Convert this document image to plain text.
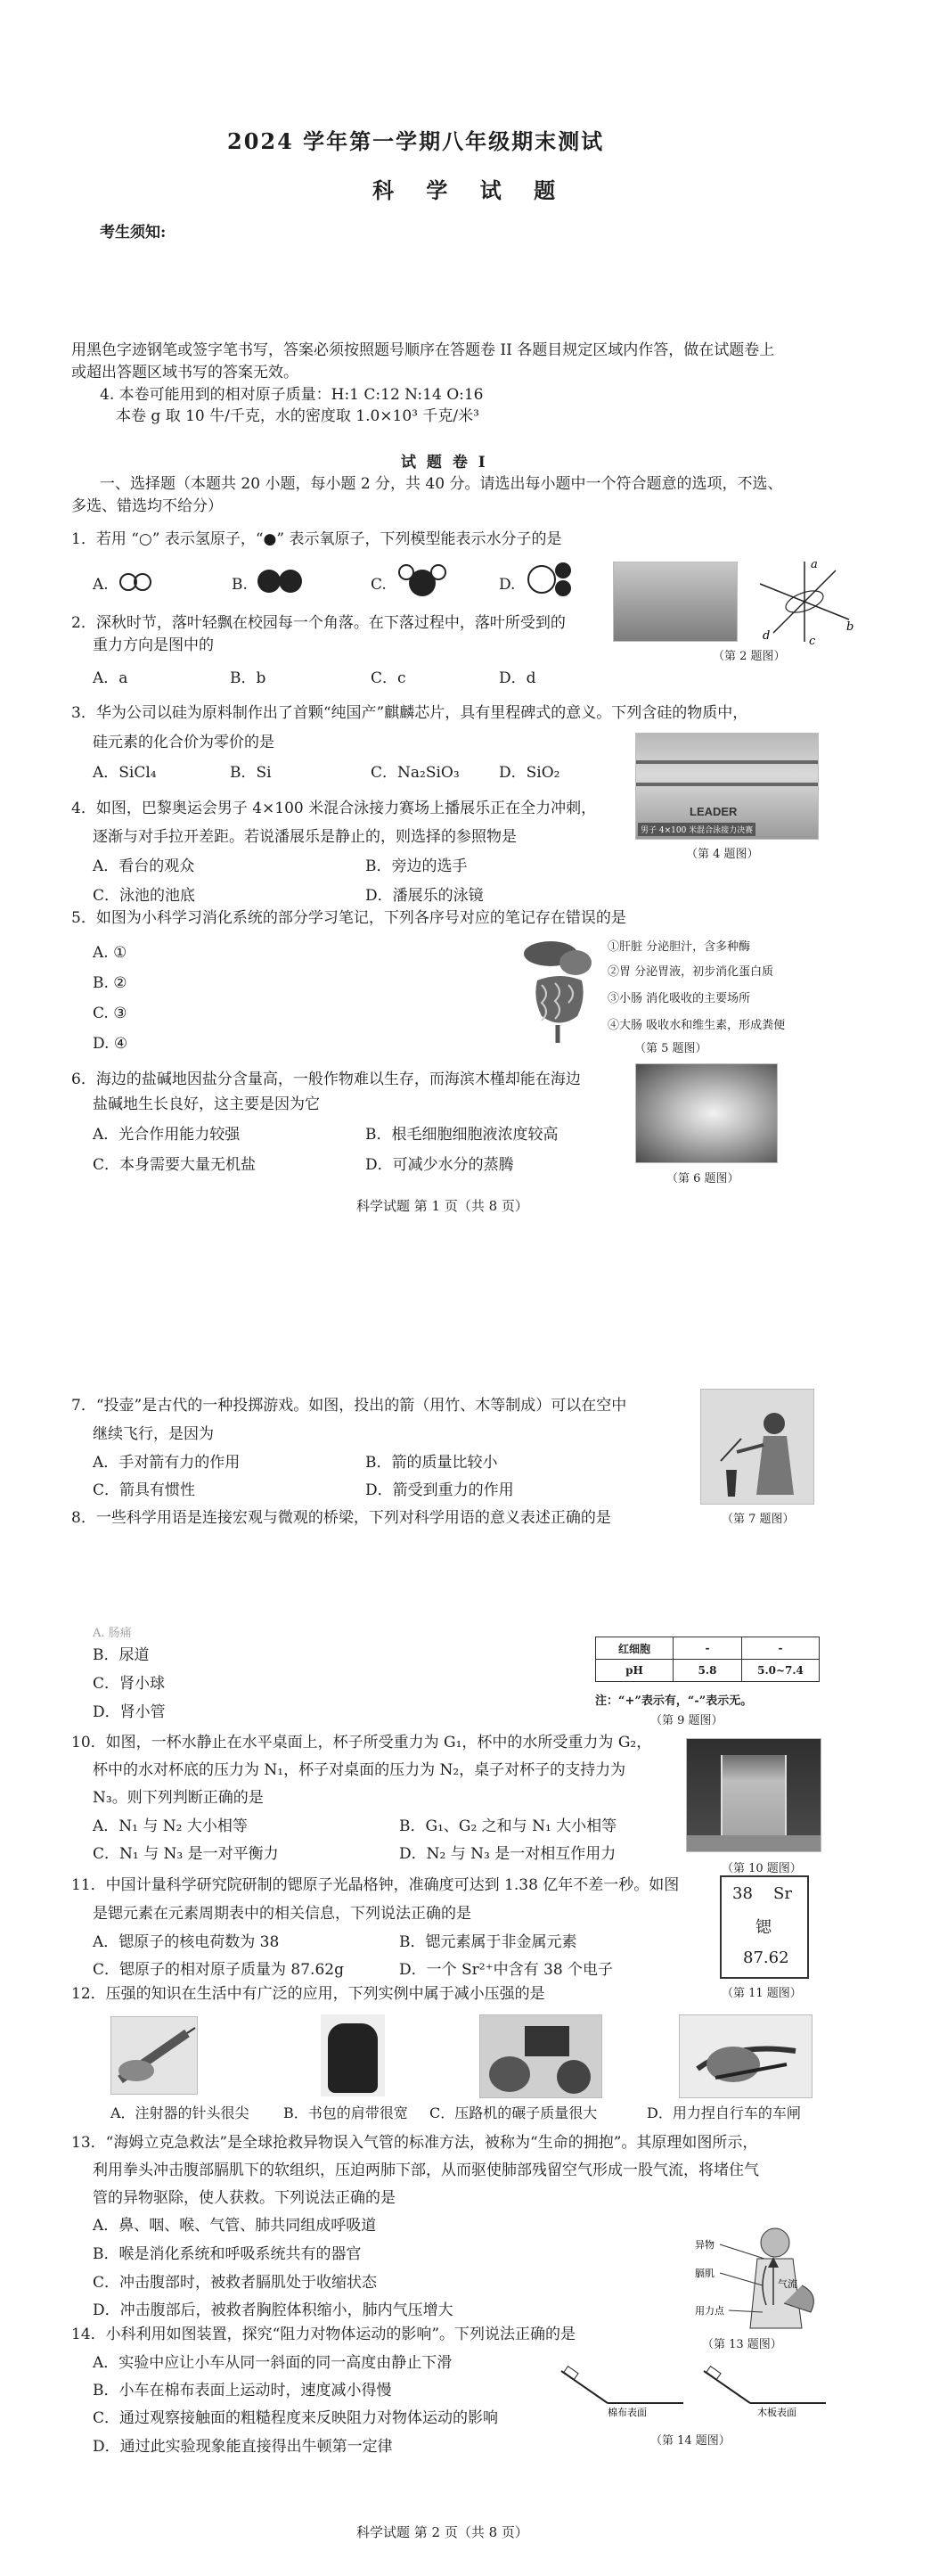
2024 学年第一学期八年级期末测试
科 学 试 题
考生须知:
用黑色字迹钢笔或签字笔书写，答案必须按照题号顺序在答题卷 II 各题目规定区域内作答，做在试题卷上
或超出答题区域书写的答案无效。
4. 本卷可能用到的相对原子质量：H:1 C:12 N:14 O:16
本卷 g 取 10 牛/千克，水的密度取 1.0×10³ 千克/米³
试 题 卷 I
一、选择题（本题共 20 小题，每小题 2 分，共 40 分。请选出每小题中一个符合题意的选项，不选、
多选、错选均不给分）
1．若用 “○” 表示氢原子，“●” 表示氧原子，下列模型能表示水分子的是
A.	B.	C.	D.
a
b
c
d
（第 2 题图）
2．深秋时节，落叶轻飘在校园每一个角落。在下落过程中，落叶所受到的
重力方向是图中的
A．a	B．b	C．c	D．d
3．华为公司以硅为原料制作出了首颗“纯国产”麒麟芯片，具有里程碑式的意义。下列含硅的物质中，
硅元素的化合价为零价的是
A．SiCl₄	B．Si	C．Na₂SiO₃	D．SiO₂
LEADER
男子 4×100 米混合泳接力决赛
（第 4 题图）
4．如图，巴黎奥运会男子 4×100 米混合泳接力赛场上播展乐正在全力冲刺，
逐渐与对手拉开差距。若说潘展乐是静止的，则选择的参照物是
A．看台的观众	B．旁边的选手
C．泳池的池底	D．潘展乐的泳镜
5．如图为小科学习消化系统的部分学习笔记，下列各序号对应的笔记存在错误的是
A. ①
B. ②
C. ③
D. ④
①肝脏 分泌胆汁，含多种酶
②胃 分泌胃液，初步消化蛋白质
③小肠 消化吸收的主要场所
④大肠 吸收水和维生素，形成粪便
（第 5 题图）
6．海边的盐碱地因盐分含量高，一般作物难以生存，而海滨木槿却能在海边
盐碱地生长良好，这主要是因为它
A．光合作用能力较强	B．根毛细胞细胞液浓度较高
C．本身需要大量无机盐	D．可减少水分的蒸腾
（第 6 题图）
科学试题 第 1 页（共 8 页）
7．“投壶”是古代的一种投掷游戏。如图，投出的箭（用竹、木等制成）可以在空中
继续飞行，是因为
A．手对箭有力的作用	B．箭的质量比较小
C．箭具有惯性	D．箭受到重力的作用
（第 7 题图）
8．一些科学用语是连接宏观与微观的桥梁，下列对科学用语的意义表述正确的是
A. 肠痛
B．尿道
C．肾小球
D．肾小管
红细胞	-	-
pH	5.8	5.0~7.4
注：“+”表示有，“-”表示无。
（第 9 题图）
10．如图，一杯水静止在水平桌面上，杯子所受重力为 G₁，杯中的水所受重力为 G₂，
杯中的水对杯底的压力为 N₁，杯子对桌面的压力为 N₂，桌子对杯子的支持力为
N₃。则下列判断正确的是
A．N₁ 与 N₂ 大小相等	B．G₁、G₂ 之和与 N₁ 大小相等
C．N₁ 与 N₃ 是一对平衡力	D．N₂ 与 N₃ 是一对相互作用力
（第 10 题图）
11．中国计量科学研究院研制的锶原子光晶格钟，准确度可达到 1.38 亿年不差一秒。如图
是锶元素在元素周期表中的相关信息，下列说法正确的是
A．锶原子的核电荷数为 38	B．锶元素属于非金属元素
C．锶原子的相对原子质量为 87.62g	D．一个 Sr²⁺中含有 38 个电子
38 Sr
锶
87.62
（第 11 题图）
12．压强的知识在生活中有广泛的应用，下列实例中属于减小压强的是
A．注射器的针头很尖 B．书包的肩带很宽 C．压路机的碾子质量很大	D．用力捏自行车的车闸
13．“海姆立克急救法”是全球抢救异物误入气管的标准方法，被称为“生命的拥抱”。其原理如图所示，
利用拳头冲击腹部膈肌下的软组织，压迫两肺下部，从而驱使肺部残留空气形成一股气流，将堵住气
管的异物驱除，使人获救。下列说法正确的是
A．鼻、咽、喉、气管、肺共同组成呼吸道
B．喉是消化系统和呼吸系统共有的器官
C．冲击腹部时，被救者膈肌处于收缩状态
D．冲击腹部后，被救者胸腔体积缩小，肺内气压增大
气流
异物
膈肌
用力点
（第 13 题图）
14．小科利用如图装置，探究“阻力对物体运动的影响”。下列说法正确的是
A．实验中应让小车从同一斜面的同一高度由静止下滑
B．小车在棉布表面上运动时，速度减小得慢
C．通过观察接触面的粗糙程度来反映阻力对物体运动的影响
D．通过此实验现象能直接得出牛顿第一定律
棉布表面	木板表面
（第 14 题图）
科学试题 第 2 页（共 8 页）
